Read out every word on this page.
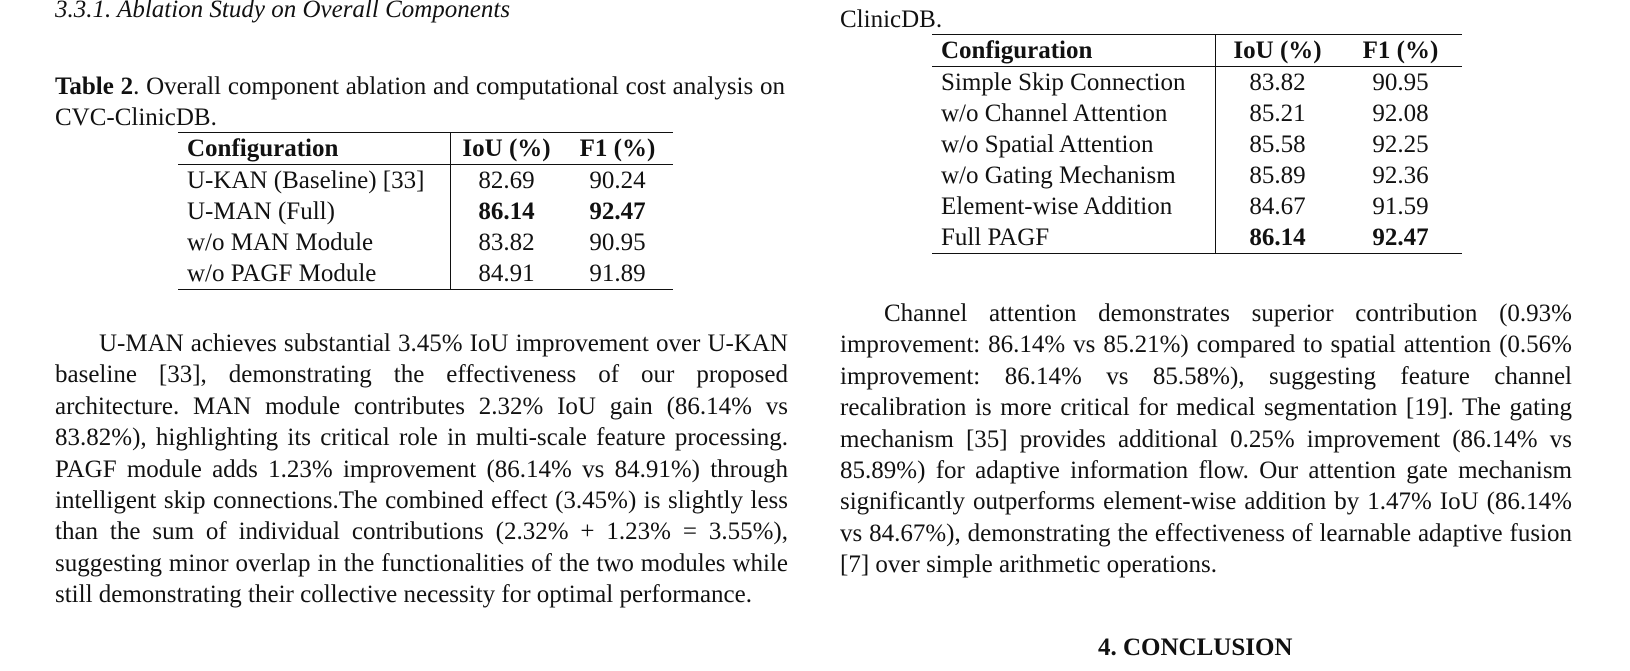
3.3.1. Ablation Study on Overall Components
Table 2. Overall component ablation and computational cost analysis on CVC-ClinicDB.
Configuration	IoU (%)	F1 (%)
U-KAN (Baseline) [33]	82.69	90.24
U-MAN (Full)	86.14	92.47
w/o MAN Module	83.82	90.95
w/o PAGF Module	84.91	91.89

U-MAN achieves substantial 3.45% IoU improvement over U-KAN baseline [33], demonstrating the effectiveness of our proposed architecture. MAN module contributes 2.32% IoU gain (86.14% vs 83.82%), highlighting its critical role in multi-scale feature processing. PAGF module adds 1.23% improvement (86.14% vs 84.91%) through intelligent skip connections.The combined effect (3.45%) is slightly less than the sum of individual contributions (2.32% + 1.23% = 3.55%), suggesting minor overlap in the functionalities of the two modules while still demonstrating their collective necessity for optimal performance.

ClinicDB.
Configuration	IoU (%)	F1 (%)
Simple Skip Connection	83.82	90.95
w/o Channel Attention	85.21	92.08
w/o Spatial Attention	85.58	92.25
w/o Gating Mechanism	85.89	92.36
Element-wise Addition	84.67	91.59
Full PAGF	86.14	92.47

Channel attention demonstrates superior contribution (0.93% improvement: 86.14% vs 85.21%) compared to spatial attention (0.56% improvement: 86.14% vs 85.58%), suggesting feature channel recalibration is more critical for medical segmentation [19]. The gating mechanism [35] provides additional 0.25% improvement (86.14% vs 85.89%) for adaptive information flow. Our attention gate mechanism significantly outperforms element-wise addition by 1.47% IoU (86.14% vs 84.67%), demonstrating the effectiveness of learnable adaptive fusion [7] over simple arithmetic operations.

4. CONCLUSION
